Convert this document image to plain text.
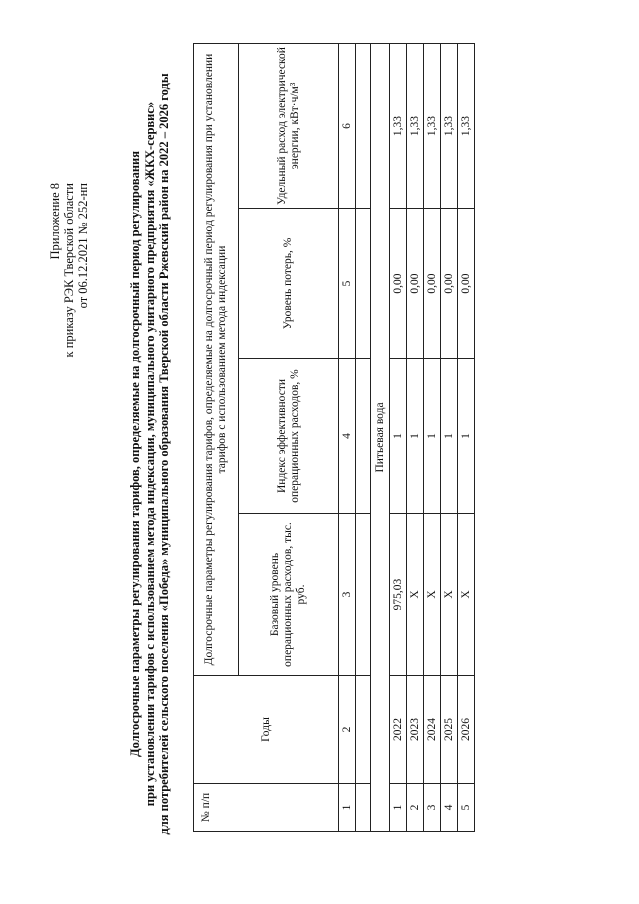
Приложение 8 к приказу РЭК Тверской области от 06.12.2021 № 252-нп	Долгосрочные параметры регулирования тарифов, определяемые на долгосрочный период регулирования при установлении тарифов с использованием метода индексации, муниципального унитарного предприятия «ЖКХ-сервис» для потребителей сельского поселения «Победа» муниципального образования Тверской области Ржевский район на 2022 – 2026 годы	№ п/п	Годы	Долгосрочные параметры регулирования тарифов, определяемые на долгосрочный период регулирования при установлении тарифов с использованием метода индексации			
		Базовый уровень операционных расходов, тыс. руб.	Индекс эффективности операционных расходов, %	Уровень потерь, %	Удельный расход электрической энергии, кВт·ч/м³
1	2	3	4	5	6

Питьевая вода					
1	2022	975,03	1	0,00	1,33
2	2023	Х	1	0,00	1,33
3	2024	Х	1	0,00	1,33
4	2025	Х	1	0,00	1,33
5	2026	Х	1	0,00	1,33
